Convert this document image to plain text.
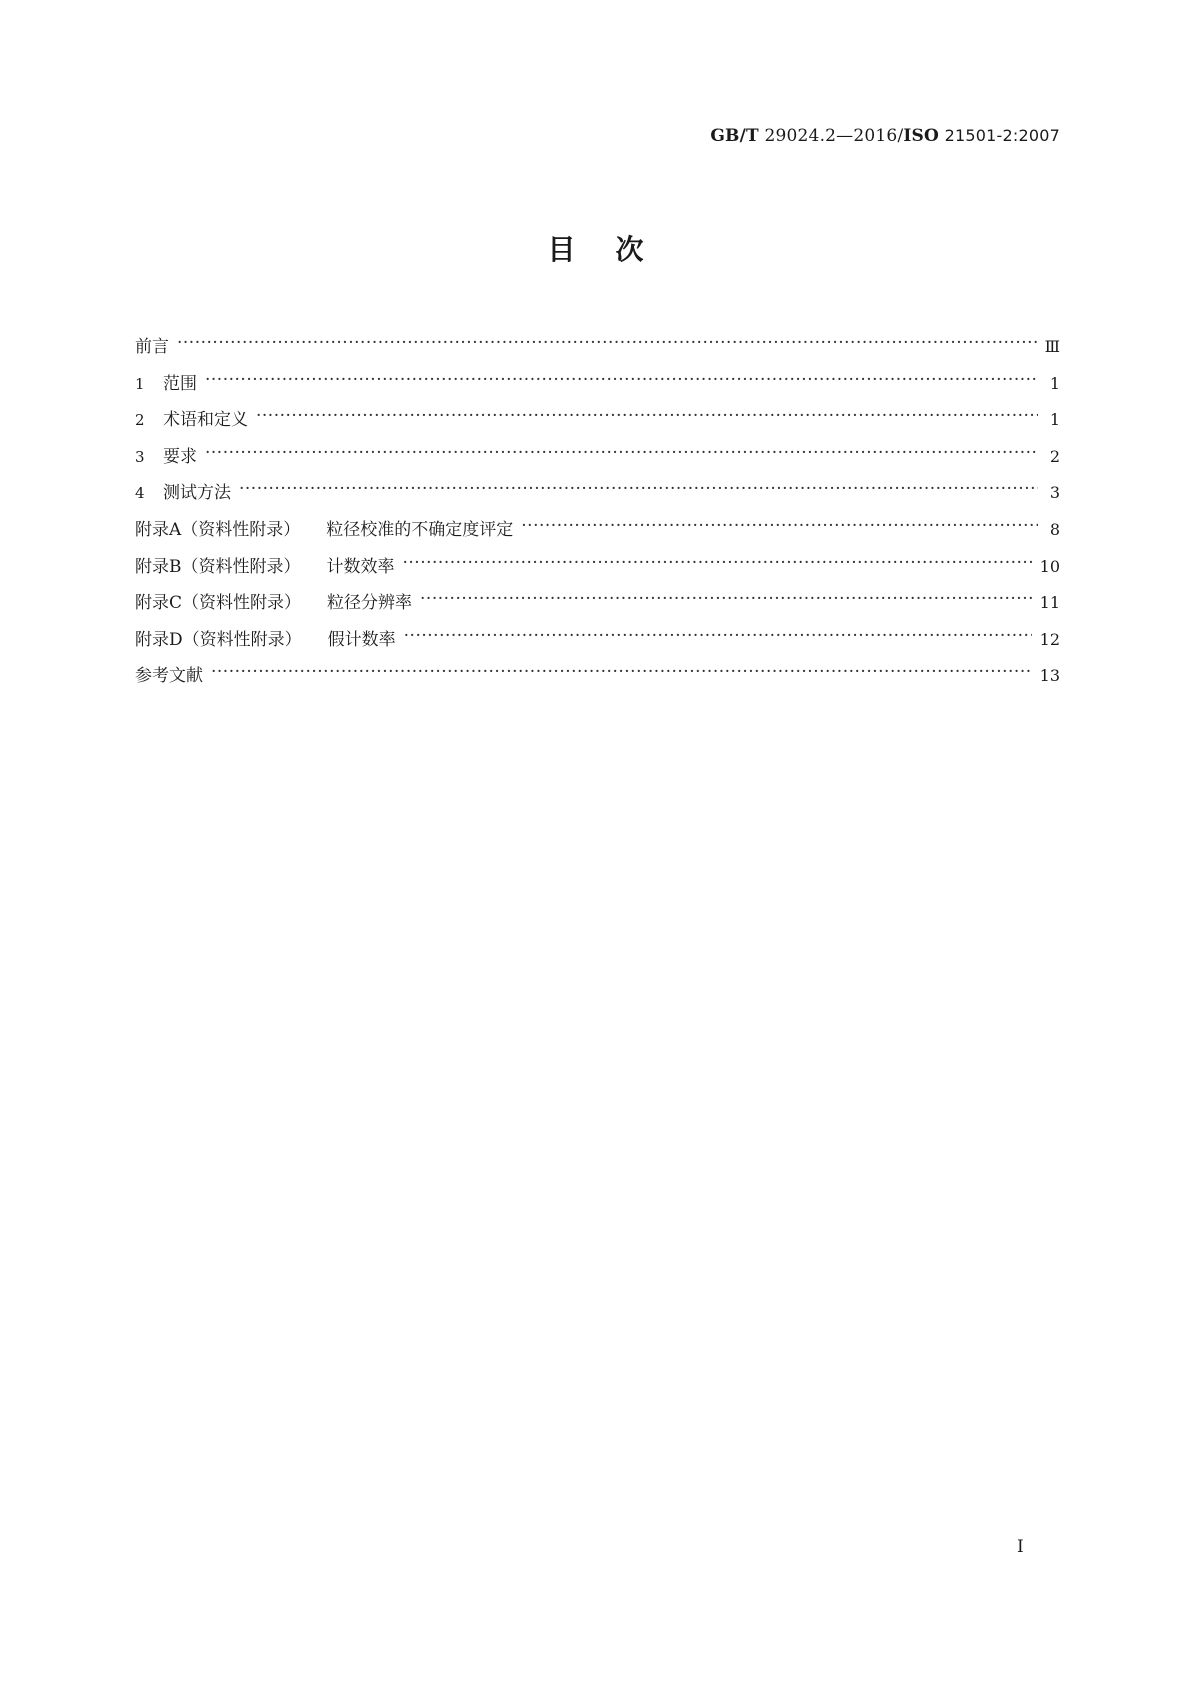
GB/T 29024.2—2016/ISO 21501-2:2007
目次
前言 ·····	Ⅲ
1 范围 ·····	1
2 术语和定义 ·····	1
3 要求 ·····	2
4 测试方法 ·····	3
附录A（资料性附录） 粒径校准的不确定度评定 ·····	8
附录B（资料性附录） 计数效率 ·····	10
附录C（资料性附录） 粒径分辨率 ·····	11
附录D（资料性附录） 假计数率 ·····	12
参考文献 ·····	13
Ⅰ
